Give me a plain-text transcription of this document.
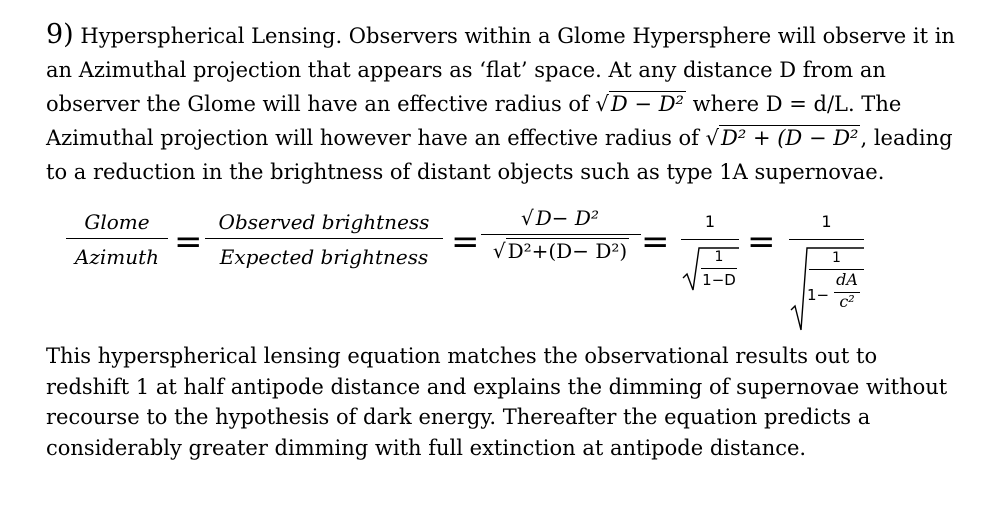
9) Hyperspherical Lensing. Observers within a Glome Hypersphere will observe it in an Azimuthal projection that appears as ‘flat’ space. At any distance D from an observer the Glome will have an effective radius of √D − D² where D = d/L. The Azimuthal projection will however have an effective radius of √D² + (D − D², leading to a reduction in the brightness of distant objects such as type 1A supernovae.

Glome
Azimuth = Observed brightness
Expected brightness =
√ D− D²
√ D²+(D− D²) =
1
1
1−D
=
1
1
1−
dA
c²

This hyperspherical lensing equation matches the observational results out to redshift 1 at half antipode distance and explains the dimming of supernovae without recourse to the hypothesis of dark energy. Thereafter the equation predicts a considerably greater dimming with full extinction at antipode distance.
